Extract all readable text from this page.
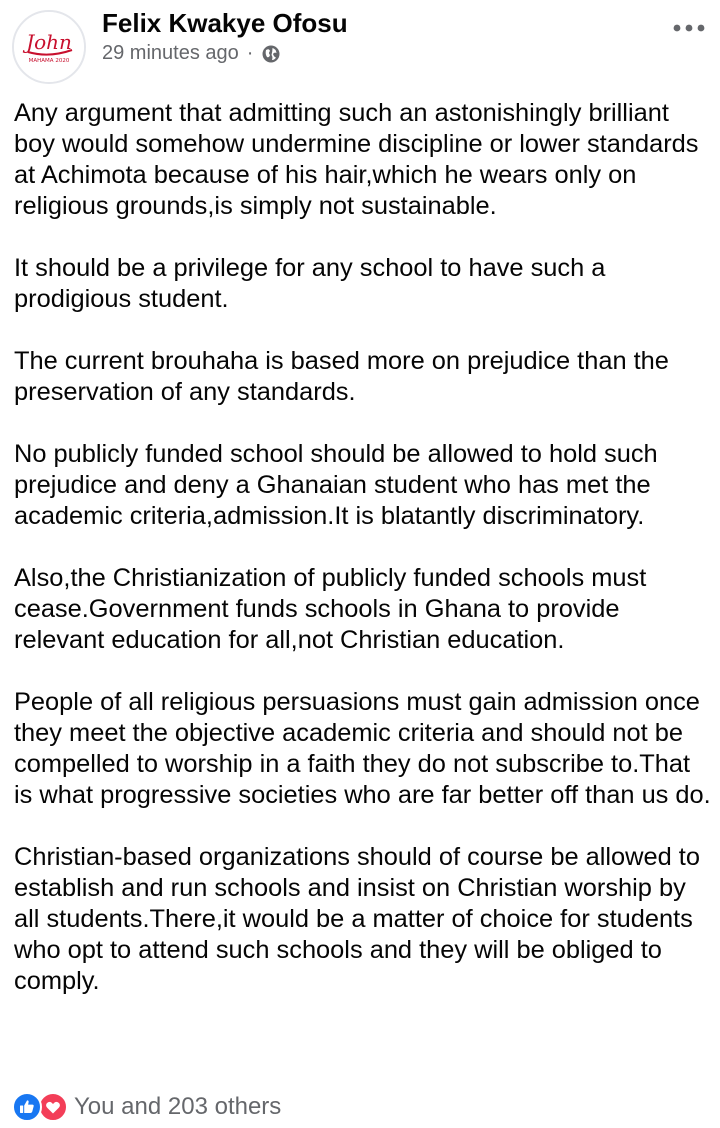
John
MAHAMA 2020
Felix Kwakye Ofosu
29 minutes ago ·

Any argument that admitting such an astonishingly brilliant boy would somehow undermine discipline or lower standards at Achimota because of his hair,which he wears only on religious grounds,is simply not sustainable.

It should be a privilege for any school to have such a prodigious student.

The current brouhaha is based more on prejudice than the preservation of any standards.

No publicly funded school should be allowed to hold such prejudice and deny a Ghanaian student who has met the academic criteria,admission.It is blatantly discriminatory.

Also,the Christianization of publicly funded schools must cease.Government funds schools in Ghana to provide relevant education for all,not Christian education.

People of all religious persuasions must gain admission once they meet the objective academic criteria and should not be compelled to worship in a faith they do not subscribe to.That is what progressive societies who are far better off than us do.

Christian-based organizations should of course be allowed to establish and run schools and insist on Christian worship by all students.There,it would be a matter of choice for students who opt to attend such schools and they will be obliged to comply.

You and 203 others
